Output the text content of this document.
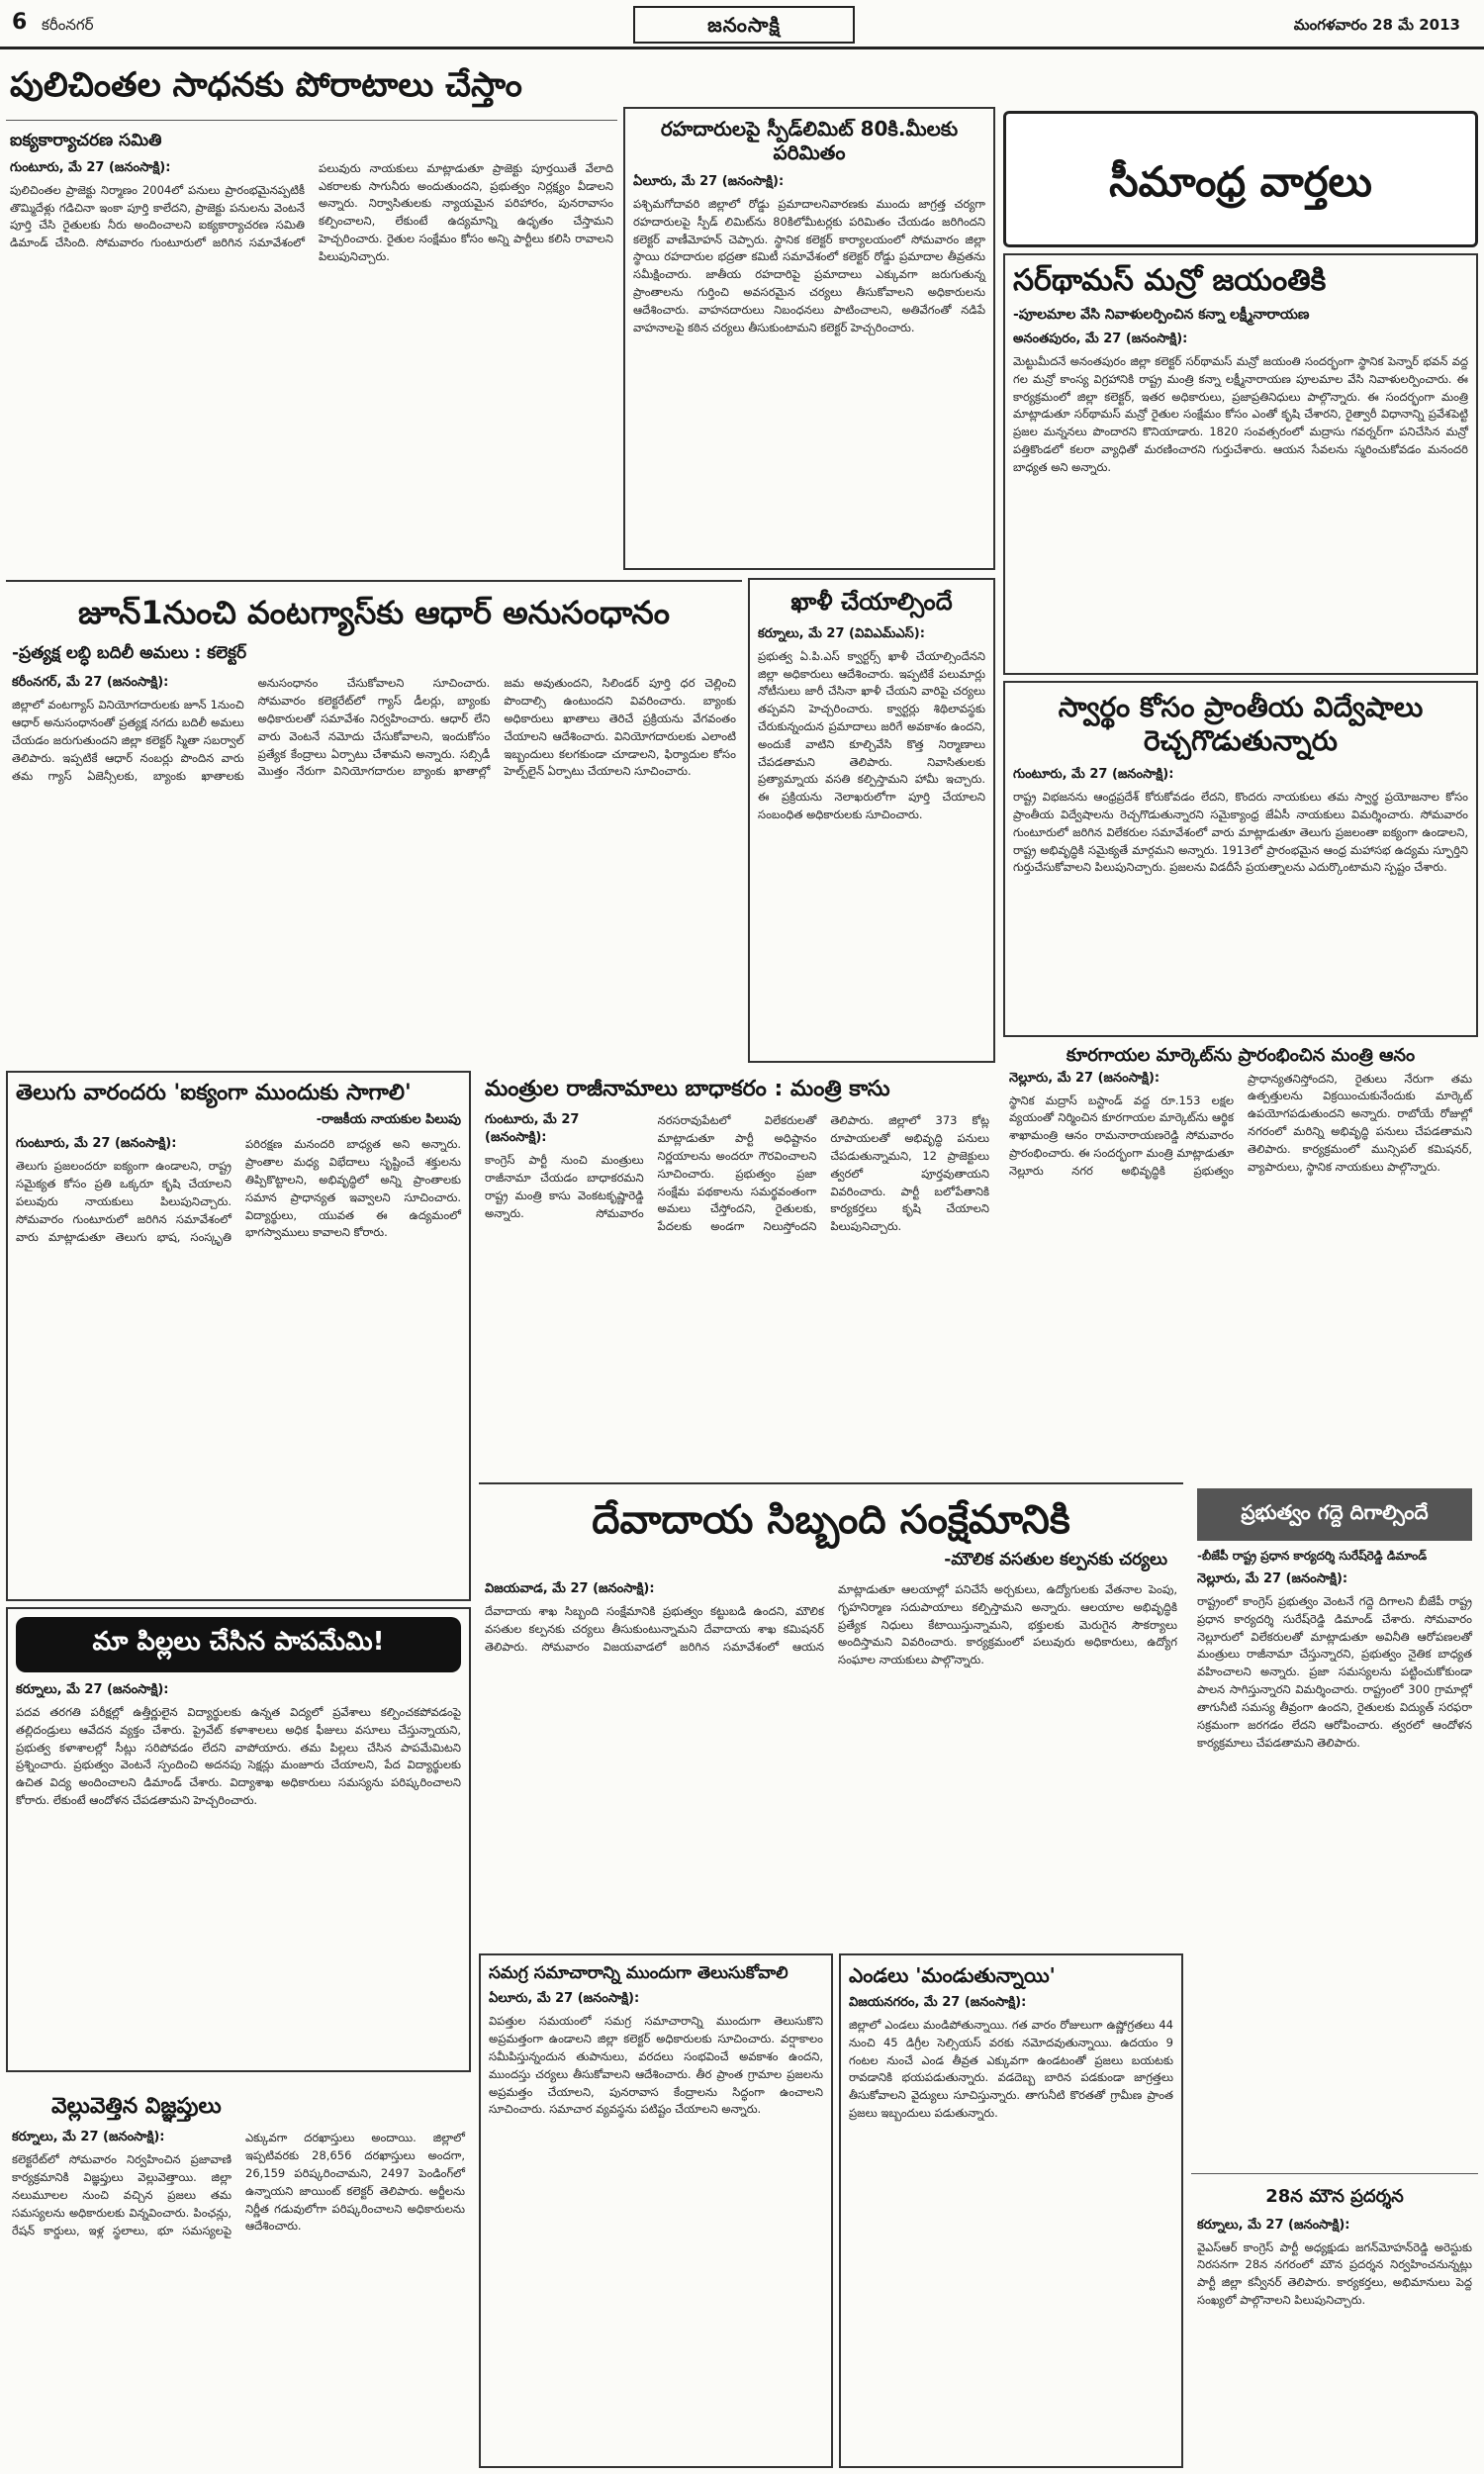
6 కరీంనగర్	జనంసాక్షి	మంగళవారం 28 మే 2013
పులిచింతల సాధనకు పోరాటాలు చేస్తాం
ఐక్యకార్యాచరణ సమితి
గుంటూరు, మే 27 (జనంసాక్షి):
పులిచింతల ప్రాజెక్టు నిర్మాణం 2004లో పనులు ప్రారంభమైనప్పటికీ తొమ్మిదేళ్లు గడిచినా ఇంకా పూర్తి కాలేదని, ప్రాజెక్టు పనులను వెంటనే పూర్తి చేసి రైతులకు నీరు అందించాలని ఐక్యకార్యాచరణ సమితి డిమాండ్ చేసింది. సోమవారం గుంటూరులో జరిగిన సమావేశంలో పలువురు నాయకులు మాట్లాడుతూ ప్రాజెక్టు పూర్తయితే వేలాది ఎకరాలకు సాగునీరు అందుతుందని, ప్రభుత్వం నిర్లక్ష్యం వీడాలని అన్నారు. నిర్వాసితులకు న్యాయమైన పరిహారం, పునరావాసం కల్పించాలని, లేకుంటే ఉద్యమాన్ని ఉధృతం చేస్తామని హెచ్చరించారు. రైతుల సంక్షేమం కోసం అన్ని పార్టీలు కలిసి రావాలని పిలుపునిచ్చారు.
రహదారులపై స్పీడ్‌లిమిట్ 80కి.మీలకు పరిమితం
ఏలూరు, మే 27 (జనంసాక్షి):
పశ్చిమగోదావరి జిల్లాలో రోడ్డు ప్రమాదాలనివారణకు ముందు జాగ్రత్త చర్యగా రహదారులపై స్పీడ్ లిమిట్‌ను 80కిలోమీటర్లకు పరిమితం చేయడం జరిగిందని కలెక్టర్ వాణీమోహన్ చెప్పారు. స్థానిక కలెక్టర్ కార్యాలయంలో సోమవారం జిల్లా స్థాయి రహదారుల భద్రతా కమిటీ సమావేశంలో కలెక్టర్ రోడ్డు ప్రమాదాల తీవ్రతను సమీక్షించారు. జాతీయ రహదారిపై ప్రమాదాలు ఎక్కువగా జరుగుతున్న ప్రాంతాలను గుర్తించి అవసరమైన చర్యలు తీసుకోవాలని అధికారులను ఆదేశించారు. వాహనదారులు నిబంధనలు పాటించాలని, అతివేగంతో నడిపే వాహనాలపై కఠిన చర్యలు తీసుకుంటామని కలెక్టర్ హెచ్చరించారు.
సీమాంధ్ర వార్తలు
సర్‌థామస్ మన్రో జయంతికి
-పూలమాల వేసి నివాళులర్పించిన కన్నా లక్ష్మీనారాయణ
అనంతపురం, మే 27 (జనంసాక్షి):
మెట్టుమీదనే అనంతపురం జిల్లా కలెక్టర్ సర్‌థామస్ మన్రో జయంతి సందర్భంగా స్థానిక పెన్నార్ భవన్ వద్ద గల మన్రో కాంస్య విగ్రహానికి రాష్ట్ర మంత్రి కన్నా లక్ష్మీనారాయణ పూలమాల వేసి నివాళులర్పించారు. ఈ కార్యక్రమంలో జిల్లా కలెక్టర్, ఇతర అధికారులు, ప్రజాప్రతినిధులు పాల్గొన్నారు. ఈ సందర్భంగా మంత్రి మాట్లాడుతూ సర్‌థామస్ మన్రో రైతుల సంక్షేమం కోసం ఎంతో కృషి చేశారని, రైత్వారీ విధానాన్ని ప్రవేశపెట్టి ప్రజల మన్ననలు పొందారని కొనియాడారు. 1820 సంవత్సరంలో మద్రాసు గవర్నర్‌గా పనిచేసిన మన్రో పత్తికొండలో కలరా వ్యాధితో మరణించారని గుర్తుచేశారు. ఆయన సేవలను స్మరించుకోవడం మనందరి బాధ్యత అని అన్నారు.
జూన్1నుంచి వంటగ్యాస్‌కు ఆధార్ అనుసంధానం
-ప్రత్యక్ష లబ్ధి బదిలీ అమలు : కలెక్టర్
కరీంనగర్, మే 27 (జనంసాక్షి):
జిల్లాలో వంటగ్యాస్ వినియోగదారులకు జూన్ 1నుంచి ఆధార్ అనుసంధానంతో ప్రత్యక్ష నగదు బదిలీ అమలు చేయడం జరుగుతుందని జిల్లా కలెక్టర్ స్మితా సబర్వాల్ తెలిపారు. ఇప్పటికే ఆధార్ నంబర్లు పొందిన వారు తమ గ్యాస్ ఏజెన్సీలకు, బ్యాంకు ఖాతాలకు అనుసంధానం చేసుకోవాలని సూచించారు. సోమవారం కలెక్టరేట్‌లో గ్యాస్ డీలర్లు, బ్యాంకు అధికారులతో సమావేశం నిర్వహించారు. ఆధార్ లేని వారు వెంటనే నమోదు చేసుకోవాలని, ఇందుకోసం ప్రత్యేక కేంద్రాలు ఏర్పాటు చేశామని అన్నారు. సబ్సిడీ మొత్తం నేరుగా వినియోగదారుల బ్యాంకు ఖాతాల్లో జమ అవుతుందని, సిలిండర్ పూర్తి ధర చెల్లించి పొందాల్సి ఉంటుందని వివరించారు. బ్యాంకు అధికారులు ఖాతాలు తెరిచే ప్రక్రియను వేగవంతం చేయాలని ఆదేశించారు. వినియోగదారులకు ఎలాంటి ఇబ్బందులు కలగకుండా చూడాలని, ఫిర్యాదుల కోసం హెల్ప్‌లైన్ ఏర్పాటు చేయాలని సూచించారు.
ఖాళీ చేయాల్సిందే
కర్నూలు, మే 27 (వివిఎమ్ఎస్):
ప్రభుత్వ ఏ.పి.ఎస్ క్వార్టర్స్ ఖాళీ చేయాల్సిందేనని జిల్లా అధికారులు ఆదేశించారు. ఇప్పటికే పలుమార్లు నోటీసులు జారీ చేసినా ఖాళీ చేయని వారిపై చర్యలు తప్పవని హెచ్చరించారు. క్వార్టర్లు శిథిలావస్థకు చేరుకున్నందున ప్రమాదాలు జరిగే అవకాశం ఉందని, అందుకే వాటిని కూల్చివేసి కొత్త నిర్మాణాలు చేపడతామని తెలిపారు. నివాసితులకు ప్రత్యామ్నాయ వసతి కల్పిస్తామని హామీ ఇచ్చారు. ఈ ప్రక్రియను నెలాఖరులోగా పూర్తి చేయాలని సంబంధిత అధికారులకు సూచించారు.
స్వార్థం కోసం ప్రాంతీయ విద్వేషాలు రెచ్చగొడుతున్నారు
గుంటూరు, మే 27 (జనంసాక్షి):
రాష్ట్ర విభజనను ఆంధ్రప్రదేశ్ కోరుకోవడం లేదని, కొందరు నాయకులు తమ స్వార్థ ప్రయోజనాల కోసం ప్రాంతీయ విద్వేషాలను రెచ్చగొడుతున్నారని సమైక్యాంధ్ర జేఏసీ నాయకులు విమర్శించారు. సోమవారం గుంటూరులో జరిగిన విలేకరుల సమావేశంలో వారు మాట్లాడుతూ తెలుగు ప్రజలంతా ఐక్యంగా ఉండాలని, రాష్ట్ర అభివృద్ధికి సమైక్యతే మార్గమని అన్నారు. 1913లో ప్రారంభమైన ఆంధ్ర మహాసభ ఉద్యమ స్ఫూర్తిని గుర్తుచేసుకోవాలని పిలుపునిచ్చారు. ప్రజలను విడదీసే ప్రయత్నాలను ఎదుర్కొంటామని స్పష్టం చేశారు.
కూరగాయల మార్కెట్‌ను ప్రారంభించిన మంత్రి ఆనం
నెల్లూరు, మే 27 (జనంసాక్షి):
స్థానిక మద్రాస్ బస్టాండ్ వద్ద రూ.153 లక్షల వ్యయంతో నిర్మించిన కూరగాయల మార్కెట్‌ను ఆర్థిక శాఖామంత్రి ఆనం రామనారాయణరెడ్డి సోమవారం ప్రారంభించారు. ఈ సందర్భంగా మంత్రి మాట్లాడుతూ నెల్లూరు నగర అభివృద్ధికి ప్రభుత్వం ప్రాధాన్యతనిస్తోందని, రైతులు నేరుగా తమ ఉత్పత్తులను విక్రయించుకునేందుకు మార్కెట్ ఉపయోగపడుతుందని అన్నారు. రాబోయే రోజుల్లో నగరంలో మరిన్ని అభివృద్ధి పనులు చేపడతామని తెలిపారు. కార్యక్రమంలో మున్సిపల్ కమిషనర్, వ్యాపారులు, స్థానిక నాయకులు పాల్గొన్నారు.
తెలుగు వారందరు 'ఐక్యంగా ముందుకు సాగాలి'
-రాజకీయ నాయకుల పిలుపు
గుంటూరు, మే 27 (జనంసాక్షి):
తెలుగు ప్రజలందరూ ఐక్యంగా ఉండాలని, రాష్ట్ర సమైక్యత కోసం ప్రతి ఒక్కరూ కృషి చేయాలని పలువురు నాయకులు పిలుపునిచ్చారు. సోమవారం గుంటూరులో జరిగిన సమావేశంలో వారు మాట్లాడుతూ తెలుగు భాష, సంస్కృతి పరిరక్షణ మనందరి బాధ్యత అని అన్నారు. ప్రాంతాల మధ్య విభేదాలు సృష్టించే శక్తులను తిప్పికొట్టాలని, అభివృద్ధిలో అన్ని ప్రాంతాలకు సమాన ప్రాధాన్యత ఇవ్వాలని సూచించారు. విద్యార్థులు, యువత ఈ ఉద్యమంలో భాగస్వాములు కావాలని కోరారు.
మంత్రుల రాజీనామాలు బాధాకరం : మంత్రి కాసు
గుంటూరు, మే 27 (జనంసాక్షి):
కాంగ్రెస్ పార్టీ నుంచి మంత్రులు రాజీనామా చేయడం బాధాకరమని రాష్ట్ర మంత్రి కాసు వెంకటకృష్ణారెడ్డి అన్నారు. సోమవారం నరసరావుపేటలో విలేకరులతో మాట్లాడుతూ పార్టీ అధిష్టానం నిర్ణయాలను అందరూ గౌరవించాలని సూచించారు. ప్రభుత్వం ప్రజా సంక్షేమ పథకాలను సమర్థవంతంగా అమలు చేస్తోందని, రైతులకు, పేదలకు అండగా నిలుస్తోందని తెలిపారు. జిల్లాలో 373 కోట్ల రూపాయలతో అభివృద్ధి పనులు చేపడుతున్నామని, 12 ప్రాజెక్టులు త్వరలో పూర్తవుతాయని వివరించారు. పార్టీ బలోపేతానికి కార్యకర్తలు కృషి చేయాలని పిలుపునిచ్చారు.
మా పిల్లలు చేసిన పాపమేమి!
కర్నూలు, మే 27 (జనంసాక్షి):
పదవ తరగతి పరీక్షల్లో ఉత్తీర్ణులైన విద్యార్థులకు ఉన్నత విద్యలో ప్రవేశాలు కల్పించకపోవడంపై తల్లిదండ్రులు ఆవేదన వ్యక్తం చేశారు. ప్రైవేట్ కళాశాలలు అధిక ఫీజులు వసూలు చేస్తున్నాయని, ప్రభుత్వ కళాశాలల్లో సీట్లు సరిపోవడం లేదని వాపోయారు. తమ పిల్లలు చేసిన పాపమేమిటని ప్రశ్నించారు. ప్రభుత్వం వెంటనే స్పందించి అదనపు సెక్షన్లు మంజూరు చేయాలని, పేద విద్యార్థులకు ఉచిత విద్య అందించాలని డిమాండ్ చేశారు. విద్యాశాఖ అధికారులు సమస్యను పరిష్కరించాలని కోరారు. లేకుంటే ఆందోళన చేపడతామని హెచ్చరించారు.
దేవాదాయ సిబ్బంది సంక్షేమానికి
-మౌలిక వసతుల కల్పనకు చర్యలు
విజయవాడ, మే 27 (జనంసాక్షి):
దేవాదాయ శాఖ సిబ్బంది సంక్షేమానికి ప్రభుత్వం కట్టుబడి ఉందని, మౌలిక వసతుల కల్పనకు చర్యలు తీసుకుంటున్నామని దేవాదాయ శాఖ కమిషనర్ తెలిపారు. సోమవారం విజయవాడలో జరిగిన సమావేశంలో ఆయన మాట్లాడుతూ ఆలయాల్లో పనిచేసే అర్చకులు, ఉద్యోగులకు వేతనాల పెంపు, గృహనిర్మాణ సదుపాయాలు కల్పిస్తామని అన్నారు. ఆలయాల అభివృద్ధికి ప్రత్యేక నిధులు కేటాయిస్తున్నామని, భక్తులకు మెరుగైన సౌకర్యాలు అందిస్తామని వివరించారు. కార్యక్రమంలో పలువురు అధికారులు, ఉద్యోగ సంఘాల నాయకులు పాల్గొన్నారు.
ప్రభుత్వం గద్దె దిగాల్సిందే
-బీజేపీ రాష్ట్ర ప్రధాన కార్యదర్శి సురేష్‌రెడ్డి డిమాండ్
నెల్లూరు, మే 27 (జనంసాక్షి):
రాష్ట్రంలో కాంగ్రెస్ ప్రభుత్వం వెంటనే గద్దె దిగాలని బీజేపీ రాష్ట్ర ప్రధాన కార్యదర్శి సురేష్‌రెడ్డి డిమాండ్ చేశారు. సోమవారం నెల్లూరులో విలేకరులతో మాట్లాడుతూ అవినీతి ఆరోపణలతో మంత్రులు రాజీనామా చేస్తున్నారని, ప్రభుత్వం నైతిక బాధ్యత వహించాలని అన్నారు. ప్రజా సమస్యలను పట్టించుకోకుండా పాలన సాగిస్తున్నారని విమర్శించారు. రాష్ట్రంలో 300 గ్రామాల్లో తాగునీటి సమస్య తీవ్రంగా ఉందని, రైతులకు విద్యుత్ సరఫరా సక్రమంగా జరగడం లేదని ఆరోపించారు. త్వరలో ఆందోళన కార్యక్రమాలు చేపడతామని తెలిపారు.
సమగ్ర సమాచారాన్ని ముందుగా తెలుసుకోవాలి
ఏలూరు, మే 27 (జనంసాక్షి):
విపత్తుల సమయంలో సమగ్ర సమాచారాన్ని ముందుగా తెలుసుకొని అప్రమత్తంగా ఉండాలని జిల్లా కలెక్టర్ అధికారులకు సూచించారు. వర్షాకాలం సమీపిస్తున్నందున తుపానులు, వరదలు సంభవించే అవకాశం ఉందని, ముందస్తు చర్యలు తీసుకోవాలని ఆదేశించారు. తీర ప్రాంత గ్రామాల ప్రజలను అప్రమత్తం చేయాలని, పునరావాస కేంద్రాలను సిద్ధంగా ఉంచాలని సూచించారు. సమాచార వ్యవస్థను పటిష్టం చేయాలని అన్నారు.
ఎండలు 'మండుతున్నాయి'
విజయనగరం, మే 27 (జనంసాక్షి):
జిల్లాలో ఎండలు మండిపోతున్నాయి. గత వారం రోజులుగా ఉష్ణోగ్రతలు 44 నుంచి 45 డిగ్రీల సెల్సియస్ వరకు నమోదవుతున్నాయి. ఉదయం 9 గంటల నుంచే ఎండ తీవ్రత ఎక్కువగా ఉండటంతో ప్రజలు బయటకు రావడానికి భయపడుతున్నారు. వడదెబ్బ బారిన పడకుండా జాగ్రత్తలు తీసుకోవాలని వైద్యులు సూచిస్తున్నారు. తాగునీటి కొరతతో గ్రామీణ ప్రాంత ప్రజలు ఇబ్బందులు పడుతున్నారు.
వెల్లువెత్తిన విజ్ఞప్తులు
కర్నూలు, మే 27 (జనంసాక్షి):
కలెక్టరేట్‌లో సోమవారం నిర్వహించిన ప్రజావాణి కార్యక్రమానికి విజ్ఞప్తులు వెల్లువెత్తాయి. జిల్లా నలుమూలల నుంచి వచ్చిన ప్రజలు తమ సమస్యలను అధికారులకు విన్నవించారు. పింఛన్లు, రేషన్ కార్డులు, ఇళ్ల స్థలాలు, భూ సమస్యలపై ఎక్కువగా దరఖాస్తులు అందాయి. జిల్లాలో ఇప్పటివరకు 28,656 దరఖాస్తులు అందగా, 26,159 పరిష్కరించామని, 2497 పెండింగ్‌లో ఉన్నాయని జాయింట్ కలెక్టర్ తెలిపారు. అర్జీలను నిర్ణీత గడువులోగా పరిష్కరించాలని అధికారులను ఆదేశించారు.
28న మౌన ప్రదర్శన
కర్నూలు, మే 27 (జనంసాక్షి):
వైఎస్‌ఆర్ కాంగ్రెస్ పార్టీ అధ్యక్షుడు జగన్‌మోహన్‌రెడ్డి అరెస్టుకు నిరసనగా 28న నగరంలో మౌన ప్రదర్శన నిర్వహించనున్నట్లు పార్టీ జిల్లా కన్వీనర్ తెలిపారు. కార్యకర్తలు, అభిమానులు పెద్ద సంఖ్యలో పాల్గొనాలని పిలుపునిచ్చారు.
